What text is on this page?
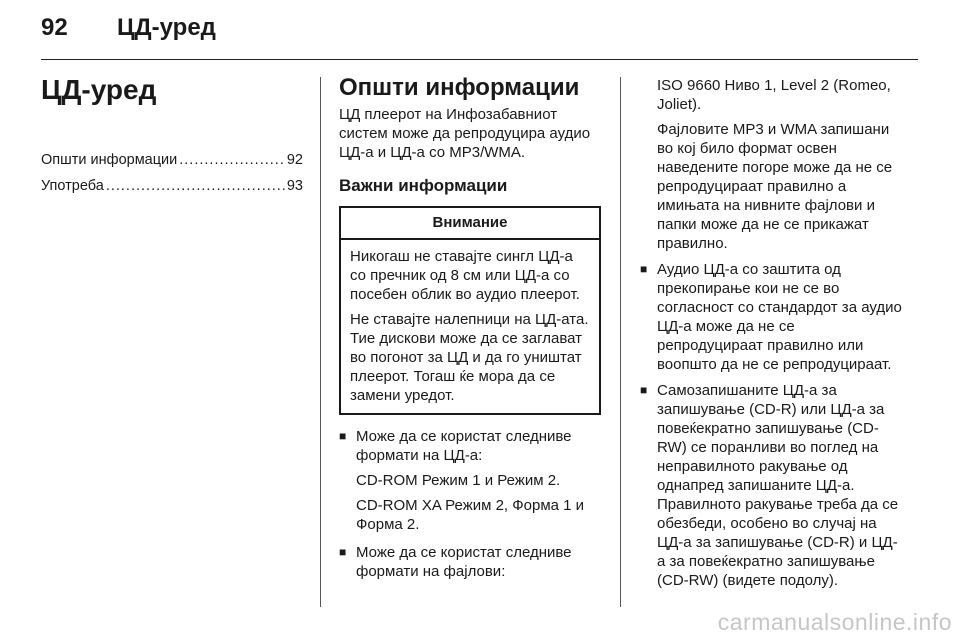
92 ЦД-уред
ЦД-уред
Општи информации .....	92
Употреба .....	93
Општи информации

ЦД плеерот на Инфозабавниот систем може да репродуцира аудио ЦД-а и ЦД-а со MP3/WMA.

Важни информации
Внимание

Никогаш не ставајте сингл ЦД-а со пречник од 8 см или ЦД-а со посебен облик во аудио плеерот.

Не ставајте налепници на ЦД-ата. Тие дискови може да се заглават во погонот за ЦД и да го уништат плеерот. Тогаш ќе мора да се замени уредот.

■ Може да се користат следниве формати на ЦД-а:

CD-ROM Режим 1 и Режим 2.

CD-ROM XA Режим 2, Форма 1 и Форма 2.

■ Може да се користат следниве формати на фајлови:

ISO 9660 Ниво 1, Level 2 (Romeo, Joliet).

Фајловите MP3 и WMA запишани во кој било формат освен наведените погоре може да не се репродуцираат правилно а имињата на нивните фајлови и папки може да не се прикажат правилно.

■ Аудио ЦД-а со заштита од прекопирање кои не се во согласност со стандардот за аудио ЦД-а може да не се репродуцираат правилно или воопшто да не се репродуцираат.

■ Самозапишаните ЦД-а за запишување (CD-R) или ЦД-а за повеќекратно запишување (CD-RW) се поранливи во поглед на неправилното ракување од однапред запишаните ЦД-а. Правилното ракување треба да се обезбеди, особено во случај на ЦД-а за запишување (CD-R) и ЦД-а за повеќекратно запишување (CD-RW) (видете подолу).

carmanualsonline.info
